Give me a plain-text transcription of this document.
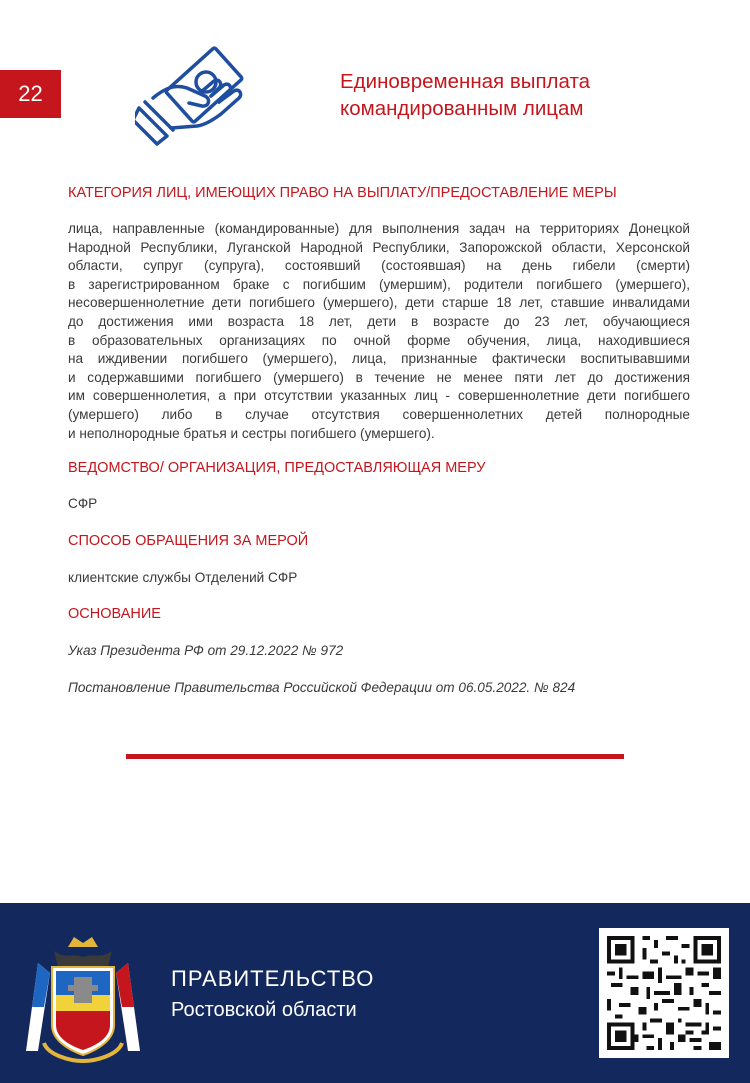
22	Единовременная выплата
командированным лицам
КАТЕГОРИЯ ЛИЦ, ИМЕЮЩИХ ПРАВО НА ВЫПЛАТУ/ПРЕДОСТАВЛЕНИЕ МЕРЫ
лица, направленные (командированные) для выполнения задач на территориях Донецкой
Народной Республики, Луганской Народной Республики, Запорожской области, Херсонской
области, супруг (супруга), состоявший (состоявшая) на день гибели (смерти)
в зарегистрированном браке с погибшим (умершим), родители погибшего (умершего),
несовершеннолетние дети погибшего (умершего), дети старше 18 лет, ставшие инвалидами
до достижения ими возраста 18 лет, дети в возрасте до 23 лет, обучающиеся
в образовательных организациях по очной форме обучения, лица, находившиеся
на иждивении погибшего (умершего), лица, признанные фактически воспитывавшими
и содержавшими погибшего (умершего) в течение не менее пяти лет до достижения
им совершеннолетия, а при отсутствии указанных лиц - совершеннолетние дети погибшего
(умершего) либо в случае отсутствия совершеннолетних детей полнородные
и неполнородные братья и сестры погибшего (умершего).
ВЕДОМСТВО/ ОРГАНИЗАЦИЯ, ПРЕДОСТАВЛЯЮЩАЯ МЕРУ
СФР
СПОСОБ ОБРАЩЕНИЯ ЗА МЕРОЙ
клиентские службы Отделений СФР
ОСНОВАНИЕ
Указ Президента РФ от 29.12.2022 № 972
Постановление Правительства Российской Федерации от 06.05.2022. № 824
ПРАВИТЕЛЬСТВО
Ростовской области
